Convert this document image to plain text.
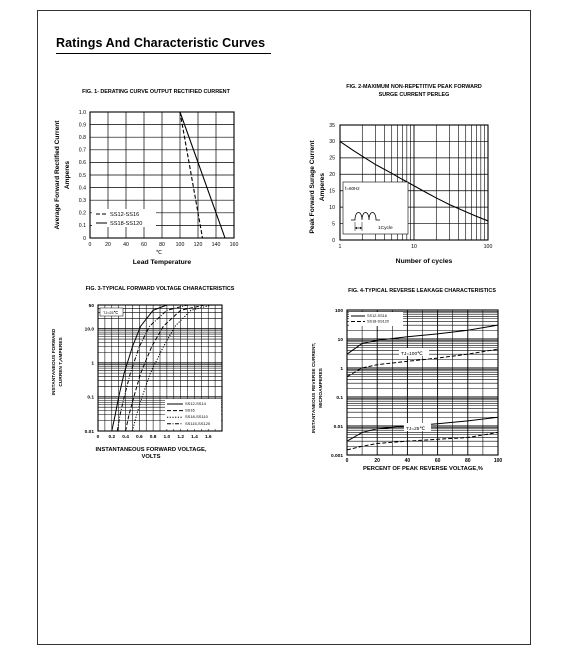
Ratings And Characteristic Curves
0	20 40 60 80 100 120 140 160
0
0.1
0.2
0.3
0.4
0.5
0.6
0.7
0.8
0.9
1.0
SS12-SS16
SS18-SS120
FIG. 1- DERATING CURVE OUTPUT RECTIFIED CURRENT
Lead Temperature
℃
Average Forward Rectified Current Amperes
1	10	100
0
5
10
15
20
25
30
35
f=60Hz
1Cycle
FIG. 2-MAXIMUM NON-REPETITIVE PEAK FORWARD
SURGE CURRENT PERLEG
Number of cycles
Peak Forward Surage Current Amperes
0 0.2 0.4 0.6 0.8 1.0 1.2 1.4 1.6
0.01
0.1
1
10.0
50
TJ=25℃
SS12-SS14
SS16
SS18-SS110
SS115-SS120
FIG. 3-TYPICAL FORWARD VOLTAGE CHARACTERISTICS
INSTANTANEOUS FORWARD VOLTAGE,
VOLTS
INSTANTANEOUS FORWARD CURREN T,AMPERES
0	20	40	60	80	100
0.001
0.01
0.1
1
10
100
TJ=100℃
TJ=25℃
SS12-SS16
SS18-SS120
FIG. 4-TYPICAL REVERSE LEAKAGE CHARACTERISTICS
PERCENT OF PEAK REVERSE VOLTAGE,%
INSTANTANEOUS REVERSE CURRENT, MICROAMPERES
